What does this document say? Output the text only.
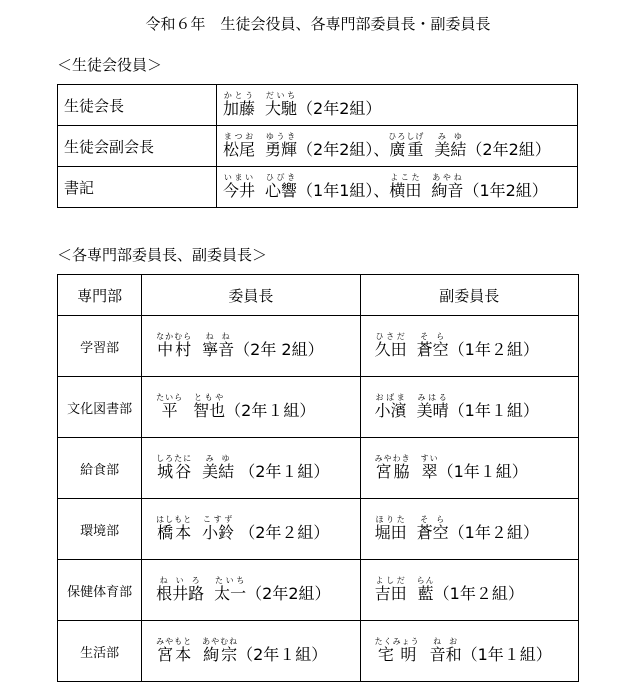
令和６年　生徒会役員、各専門部委員長・副委員長
＜生徒会役員＞
生徒会長	加藤かとう大馳だいち（2年2組）
生徒会副会長	松尾まつお勇輝ゆうき（2年2組）、廣重ひろしげ美結みゆ（2年2組）
書記	今井いまい心響ひびき（1年1組）、横田よこた絢音あやね（1年2組）
＜各専門部委員長、副委員長＞
専門部	委員長	副委員長
学習部	中村なかむら寧音ねね（2年 2組）	久田ひさだ蒼空そら（1年２組）
文化図書部	平たいら智也ともや（2年１組）	小濱おばま美晴みはる（1年１組）
給食部	城谷しろたに美結みゆ （2年１組）	宮脇みやわき翠すい（1年１組）
環境部	橋本はしもと小鈴こすず （2年２組）	堀田ほりた蒼空そら（1年２組）
保健体育部	根井路ねいろ太一たいち（2年2組）	吉田よしだ藍らん（1年２組）
生活部	宮本みやもと絢宗あやむね（2年１組）	宅明たくみょう音和ねお（1年１組）
